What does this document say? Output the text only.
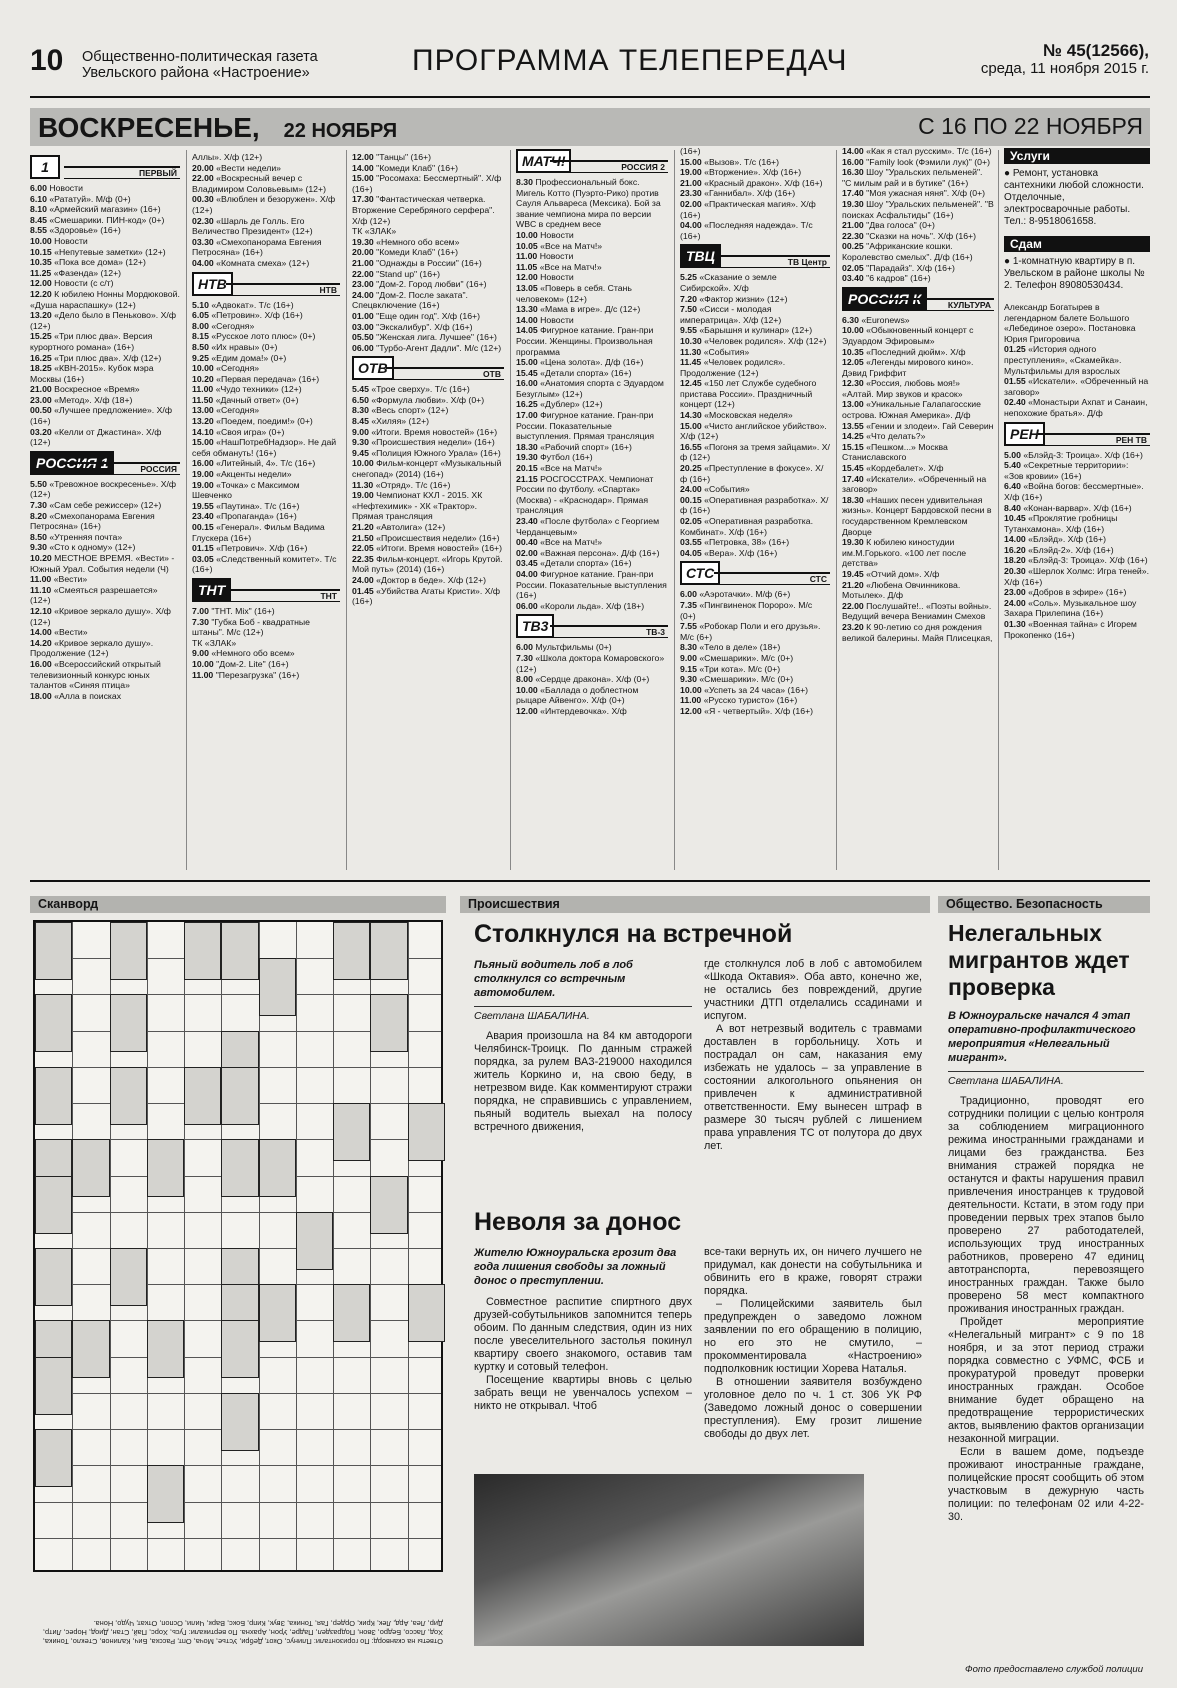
10 Общественно-политическая газета
Увельского района «Настроение»	ПРОГРАММА ТЕЛЕПЕРЕДАЧ	№ 45(12566),
среда, 11 ноября 2015 г.
ВОСКРЕСЕНЬЕ, 22 НОЯБРЯ	С 16 ПО 22 НОЯБРЯ
1	ПЕРВЫЙ

6.00 Новости

6.10 «Рататуй». М/ф (0+)

8.10 «Армейский магазин» (16+)

8.45 «Смешарики. ПИН-код» (0+)

8.55 «Здоровье» (16+)

10.00 Новости

10.15 «Непутевые заметки» (12+)

10.35 «Пока все дома» (12+)

11.25 «Фазенда» (12+)

12.00 Новости (с с/т)

12.20 К юбилею Нонны Мордюковой. «Душа нараспашку» (12+)

13.20 «Дело было в Пеньково». Х/ф (12+)

15.25 «Три плюс два». Версия курортного романа» (16+)

16.25 «Три плюс два». Х/ф (12+)

18.25 «КВН-2015». Кубок мэра Москвы (16+)

21.00 Воскресное «Время»

23.00 «Метод». Х/ф (18+)

00.50 «Лучшее предложение». Х/ф (16+)

03.20 «Келли от Джастина». Х/ф (12+)

РОССИЯ 1	РОССИЯ

5.50 «Тревожное воскресенье». Х/ф (12+)

7.30 «Сам себе режиссер» (12+)

8.20 «Смехопанорама Евгения Петросяна» (16+)

8.50 «Утренняя почта»

9.30 «Сто к одному» (12+)

10.20 МЕСТНОЕ ВРЕМЯ. «Вести» - Южный Урал. События недели (Ч)

11.00 «Вести»

11.10 «Смеяться разрешается» (12+)

12.10 «Кривое зеркало душу». Х/ф (12+)

14.00 «Вести»

14.20 «Кривое зеркало душу». Продолжение (12+)

16.00 «Всероссийский открытый телевизионный конкурс юных талантов «Синяя птица»

18.00 «Алла в поисках

Аллы». Х/ф (12+)

20.00 «Вести недели»

22.00 «Воскресный вечер с Владимиром Соловьевым» (12+)

00.30 «Влюблен и безоружен». Х/ф (12+)

02.30 «Шарль де Голль. Его Величество Президент» (12+)

03.30 «Смехопанорама Евгения Петросяна» (16+)

04.00 «Комната смеха» (12+)

НТВ	НТВ

5.10 «Адвокат». Т/с (16+)

6.05 «Петровин». Х/ф (16+)

8.00 «Сегодня»

8.15 «Русское лото плюс» (0+)

8.50 «Их нравы» (0+)

9.25 «Едим дома!» (0+)

10.00 «Сегодня»

10.20 «Первая передача» (16+)

11.00 «Чудо техники» (12+)

11.50 «Дачный ответ» (0+)

13.00 «Сегодня»

13.20 «Поедем, поедим!» (0+)

14.10 «Своя игра» (0+)

15.00 «НашПотребНадзор». Не дай себя обмануть! (16+)

16.00 «Литейный, 4». Т/с (16+)

19.00 «Акценты недели»

19.00 «Точка» с Максимом Шевченко

19.55 «Паутина». Т/с (16+)

23.40 «Пропаганда» (16+)

00.15 «Генерал». Фильм Вадима Глускера (16+)

01.15 «Петрович». Х/ф (16+)

03.05 «Следственный комитет». Т/с (16+)

ТНТ	ТНТ

7.00 "ТНТ. Mix" (16+)

7.30 "Губка Боб - квадратные штаны". М/с (12+)

ТК «ЗЛАК»

9.00 «Немного обо всем»

10.00 "Дом-2. Lite" (16+)

11.00 "Перезагрузка" (16+)

12.00 "Танцы" (16+)

14.00 "Комеди Клаб" (16+)

15.00 "Росомаха: Бессмертный". Х/ф (16+)

17.30 "Фантастическая четверка. Вторжение Серебряного серфера". Х/ф (12+)

ТК «ЗЛАК»

19.30 «Немного обо всем»

20.00 "Комеди Клаб" (16+)

21.00 "Однажды в России" (16+)

22.00 "Stand up" (16+)

23.00 "Дом-2. Город любви" (16+)

24.00 "Дом-2. После заката". Спецвключение (16+)

01.00 "Еще один год". Х/ф (16+)

03.00 "Экскалибур". Х/ф (16+)

05.50 "Женская лига. Лучшее" (16+)

06.00 "Турбо-Агент Дадли". М/с (12+)

ОТВ	ОТВ

5.45 «Трое сверху». Т/с (16+)

6.50 «Формула любви». Х/ф (0+)

8.30 «Весь спорт» (12+)

8.45 «Хиляя» (12+)

9.00 «Итоги. Время новостей» (16+)

9.30 «Происшествия недели» (16+)

9.45 «Полиция Южного Урала» (16+)

10.00 Фильм-концерт «Музыкальный снегопад» (2014) (16+)

11.30 «Отряд». Т/с (16+)

19.00 Чемпионат КХЛ - 2015. ХК «Нефтехимик» - ХК «Трактор». Прямая трансляция

21.20 «Автолига» (12+)

21.50 «Происшествия недели» (16+)

22.05 «Итоги. Время новостей» (16+)

22.35 Фильм-концерт. «Игорь Крутой. Мой путь» (2014) (16+)

24.00 «Доктор в беде». Х/ф (12+)

01.45 «Убийства Агаты Кристи». Х/ф (16+)

МАТЧ!	РОССИЯ 2

8.30 Профессиональный бокс. Мигель Котто (Пуэрто-Рико) против Сауля Альвареса (Мексика). Бой за звание чемпиона мира по версии WBC в среднем весе

10.00 Новости

10.05 «Все на Матч!»

11.00 Новости

11.05 «Все на Матч!»

12.00 Новости

13.05 «Поверь в себя. Стань человеком» (12+)

13.30 «Мама в игре». Д/с (12+)

14.00 Новости

14.05 Фигурное катание. Гран-при России. Женщины. Произвольная программа

15.00 «Цена золота». Д/ф (16+)

15.45 «Детали спорта» (16+)

16.00 «Анатомия спорта с Эдуардом Безуглым» (12+)

16.25 «Дублер» (12+)

17.00 Фигурное катание. Гран-при России. Показательные выступления. Прямая трансляция

18.30 «Рабочий спорт» (16+)

19.30 Футбол (16+)

20.15 «Все на Матч!»

21.15 РОСГОССТРАХ. Чемпионат России по футболу. «Спартак» (Москва) - «Краснодар». Прямая трансляция

23.40 «После футбола» с Георгием Черданцевым»

00.40 «Все на Матч!»

02.00 «Важная персона». Д/ф (16+)

03.45 «Детали спорта» (16+)

04.00 Фигурное катание. Гран-при России. Показательные выступления (16+)

06.00 «Короли льда». Х/ф (18+)

ТВ3	ТВ-3

6.00 Мультфильмы (0+)

7.30 «Школа доктора Комаровского» (12+)

8.00 «Сердце дракона». Х/ф (0+)

10.00 «Баллада о доблестном рыцаре Айвенго». Х/ф (0+)

12.00 «Интердевочка». Х/ф

(16+)

15.00 «Вызов». Т/с (16+)

19.00 «Вторжение». Х/ф (16+)

21.00 «Красный дракон». Х/ф (16+)

23.30 «Ганнибал». Х/ф (16+)

02.00 «Практическая магия». Х/ф (16+)

04.00 «Последняя надежда». Т/с (16+)

ТВЦ	ТВ Центр

5.25 «Сказание о земле Сибирской». Х/ф

7.20 «Фактор жизни» (12+)

7.50 «Сисси - молодая императрица». Х/ф (12+)

9.55 «Барышня и кулинар» (12+)

10.30 «Человек родился». Х/ф (12+)

11.30 «События»

11.45 «Человек родился». Продолжение (12+)

12.45 «150 лет Службе судебного пристава России». Праздничный концерт (12+)

14.30 «Московская неделя»

15.00 «Чисто английское убийство». Х/ф (12+)

16.55 «Погоня за тремя зайцами». Х/ф (12+)

20.25 «Преступление в фокусе». Х/ф (16+)

24.00 «События»

00.15 «Оперативная разработка». Х/ф (16+)

02.05 «Оперативная разработка. Комбинат». Х/ф (16+)

03.55 «Петровка, 38» (16+)

04.05 «Вера». Х/ф (16+)

СТС	СТС

6.00 «Аэротачки». М/ф (6+)

7.35 «Пингвиненок Пороро». М/с (0+)

7.55 «Робокар Поли и его друзья». М/с (6+)

8.30 «Тело в деле» (18+)

9.00 «Смешарики». М/с (0+)

9.15 «Три кота». М/с (0+)

9.30 «Смешарики». М/с (0+)

10.00 «Успеть за 24 часа» (16+)

11.00 «Русско туристо» (16+)

12.00 «Я - четвертый». Х/ф (16+)

14.00 «Как я стал русским». Т/с (16+)

16.00 "Family look (Фэмили лук)" (0+)

16.30 Шоу "Уральских пельменей". "С милым рай и в бутике" (16+)

17.40 "Моя ужасная няня". Х/ф (0+)

19.30 Шоу "Уральских пельменей". "В поисках Асфальтиды" (16+)

21.00 "Два голоса" (0+)

22.30 "Сказки на ночь". Х/ф (16+)

00.25 "Африканские кошки. Королевство смелых". Д/ф (16+)

02.05 "Парадайз". Х/ф (16+)

03.40 "6 кадров" (16+)

РОССИЯ К	КУЛЬТУРА

6.30 «Euronews»

10.00 «Обыкновенный концерт с Эдуардом Эфировым»

10.35 «Последний дюйм». Х/ф

12.05 «Легенды мирового кино». Дэвид Гриффит

12.30 «Россия, любовь моя!» «Алтай. Мир звуков и красок»

13.00 «Уникальные Галапагосские острова. Южная Америка». Д/ф

13.55 «Гении и злодеи». Гай Северин

14.25 «Что делать?»

15.15 «Пешком...» Москва Станиславского

15.45 «Кордебалет». Х/ф

17.40 «Искатели». «Обреченный на заговор»

18.30 «Наших песен удивительная жизнь». Концерт Бардовской песни в государственном Кремлевском Дворце

19.30 К юбилею киностудии им.М.Горького. «100 лет после детства»

19.45 «Отчий дом». Х/ф

21.20 «Любена Овчинникова. Мотылек». Д/ф

22.00 Послушайте!.. «Поэты войны». Ведущий вечера Вениамин Смехов

23.20 К 90-летию со дня рождения великой балерины. Майя Плисецкая,

Услуги
● Ремонт, установка сантехники любой сложности. Отделочные, электросварочные работы. Тел.: 8-9518061658.
Сдам
● 1-комнатную квартиру в п. Увельском в районе школы № 2. Телефон 89080530434.

Александр Богатырев в легендарном балете Большого «Лебединое озеро». Постановка Юрия Григоровича

01.25 «История одного преступления», «Скамейка». Мультфильмы для взрослых

01.55 «Искатели». «Обреченный на заговор»

02.40 «Монастыри Ахпат и Санаин, непохожие братья». Д/ф

РЕН	РЕН ТВ

5.00 «Блэйд-3: Троица». Х/ф (16+)

5.40 «Секретные территории»: «Зов кровии» (16+)

6.40 «Война богов: бессмертные». Х/ф (16+)

8.40 «Конан-варвар». Х/ф (16+)

10.45 «Проклятие гробницы Тутанхамона». Х/ф (16+)

14.00 «Блэйд». Х/ф (16+)

16.20 «Блэйд-2». Х/ф (16+)

18.20 «Блэйд-3: Троица». Х/ф (16+)

20.30 «Шерлок Холмс: Игра теней». Х/ф (16+)

23.00 «Добров в эфире» (16+)

24.00 «Соль». Музыкальное шоу Захара Прилепина (16+)

01.30 «Военная тайна» с Игорем Прокопенко (16+)

Сканворд
Ответы на сканворд: По горизонтали: Плинус, Окот, Дебри, Устье, Моча, Опт, Расска, Бич, Калинов, Стекло, Тоника, Ход, Лассо, Бедро, Звон, Подраздел, Падре, Урон, Арахна. По вертикали: Гусь, Хорс, Пай, Стан, Диод, Норес, Литр, Дир, Леа, Ард, Лек, Крик, Ордер, Гая, Тоника, Звук, Кипр, Бокс, Варк, Чили, Оспоп, Откат, Чудо, Нона.
Происшествия
Столкнулся на встречной
Пьяный водитель лоб в лоб столкнулся со встречным автомобилем.
Светлана ШАБАЛИНА.

Авария произошла на 84 км автодороги Челябинск-Троицк. По данным стражей порядка, за рулем ВАЗ-219000 находился житель Коркино и, на свою беду, в нетрезвом виде. Как комментируют стражи порядка, не справившись с управлением, пьяный водитель выехал на полосу встречного движения,

где столкнулся лоб в лоб с автомобилем «Шкода Октавия». Оба авто, конечно же, не остались без повреждений, другие участники ДТП отделались ссадинами и испугом.

А вот нетрезвый водитель с травмами доставлен в горбольницу. Хоть и пострадал он сам, наказания ему избежать не удалось – за управление в состоянии алкогольного опьянения он привлечен к административной ответственности. Ему вынесен штраф в размере 30 тысяч рублей с лишением права управления ТС от полутора до двух лет.

Неволя за донос
Жителю Южноуральска грозит два года лишения свободы за ложный донос о преступлении.

Совместное распитие спиртного двух друзей-собутыльников запомнится теперь обоим. По данным следствия, один из них после увеселительного застолья покинул квартиру своего знакомого, оставив там куртку и сотовый телефон.

Посещение квартиры вновь с целью забрать вещи не увенчалось успехом – никто не открывал. Чтоб

все-таки вернуть их, он ничего лучшего не придумал, как донести на собутыльника и обвинить его в краже, говорят стражи порядка.

– Полицейскими заявитель был предупрежден о заведомо ложном заявлении по его обращению в полицию, но его это не смутило, – прокомментировала «Настроению» подполковник юстиции Хорева Наталья.

В отношении заявителя возбуждено уголовное дело по ч. 1 ст. 306 УК РФ (Заведомо ложный донос о совершении преступления). Ему грозит лишение свободы до двух лет.

Общество. Безопасность
Нелегальных мигрантов ждет проверка
В Южноуральске начался 4 этап оперативно-профилактического мероприятия «Нелегальный мигрант».
Светлана ШАБАЛИНА.

Традиционно, проводят его сотрудники полиции с целью контроля за соблюдением миграционного режима иностранными гражданами и лицами без гражданства. Без внимания стражей порядка не останутся и факты нарушения правил привлечения иностранцев к трудовой деятельности. Кстати, в этом году при проведении первых трех этапов было проверено 27 работодателей, использующих труд иностранных работников, проверено 47 единиц автотранспорта, перевозящего иностранных граждан. Также было проверено 58 мест компактного проживания иностранных граждан.

Пройдет мероприятие «Нелегальный мигрант» с 9 по 18 ноября, и за этот период стражи порядка совместно с УФМС, ФСБ и прокуратурой проведут проверки иностранных граждан. Особое внимание будет обращено на предотвращение террористических актов, выявлению фактов организации незаконной миграции.

Если в вашем доме, подъезде проживают иностранные граждане, полицейские просят сообщить об этом участковым в дежурную часть полиции: по телефонам 02 или 4-22-30.

Фото предоставлено службой полиции
